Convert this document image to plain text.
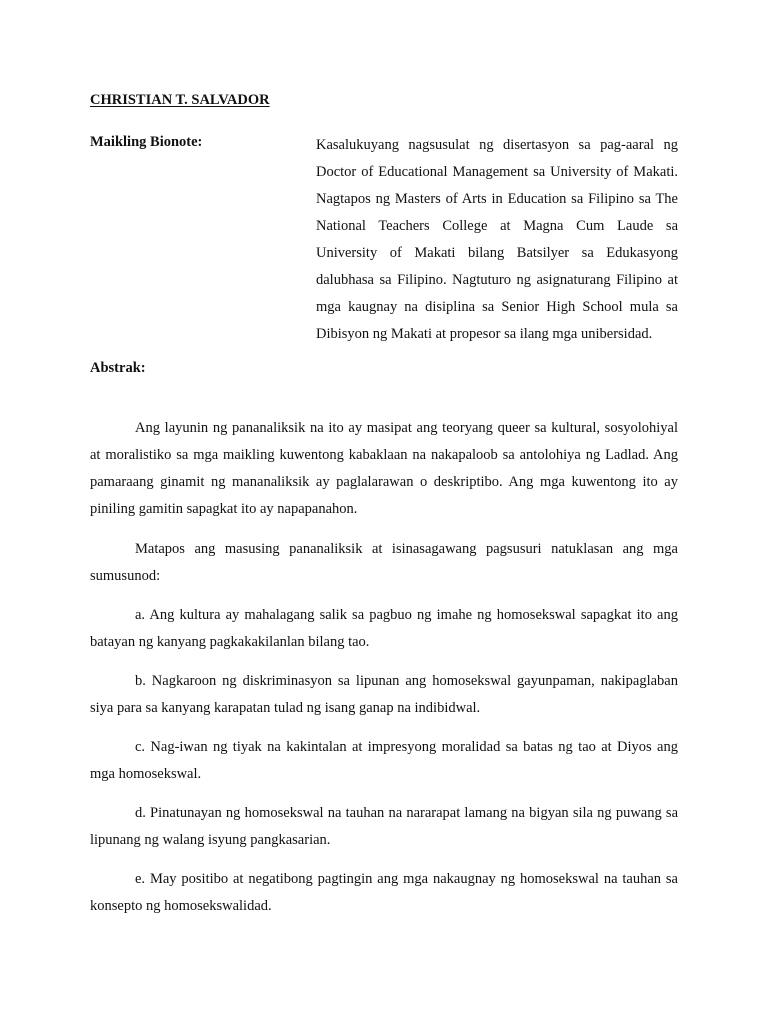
CHRISTIAN T. SALVADOR

Maikling Bionote:	Kasalukuyang nagsusulat ng disertasyon sa pag-aaral ng Doctor of Educational Management sa University of Makati. Nagtapos ng Masters of Arts in Education sa Filipino sa The National Teachers College at Magna Cum Laude sa University of Makati bilang Batsilyer sa Edukasyong dalubhasa sa Filipino. Nagtuturo ng asignaturang Filipino at mga kaugnay na disiplina sa Senior High School mula sa Dibisyon ng Makati at propesor sa ilang mga unibersidad.

Abstrak:

Ang layunin ng pananaliksik na ito ay masipat ang teoryang queer sa kultural, sosyolohiyal at moralistiko sa mga maikling kuwentong kabaklaan na nakapaloob sa antolohiya ng Ladlad. Ang pamaraang ginamit ng mananaliksik ay paglalarawan o deskriptibo. Ang mga kuwentong ito ay piniling gamitin sapagkat ito ay napapanahon.

Matapos ang masusing pananaliksik at isinasagawang pagsusuri natuklasan ang mga sumusunod:

a. Ang kultura ay mahalagang salik sa pagbuo ng imahe ng homosekswal sapagkat ito ang batayan ng kanyang pagkakakilanlan bilang tao.

b. Nagkaroon ng diskriminasyon sa lipunan ang homosekswal gayunpaman, nakipaglaban siya para sa kanyang karapatan tulad ng isang ganap na indibidwal.

c. Nag-iwan ng tiyak na kakintalan at impresyong moralidad sa batas ng tao at Diyos ang mga homosekswal.

d. Pinatunayan ng homosekswal na tauhan na nararapat lamang na bigyan sila ng puwang sa lipunang ng walang isyung pangkasarian.

e. May positibo at negatibong pagtingin ang mga nakaugnay ng homosekswal na tauhan sa konsepto ng homosekswalidad.
